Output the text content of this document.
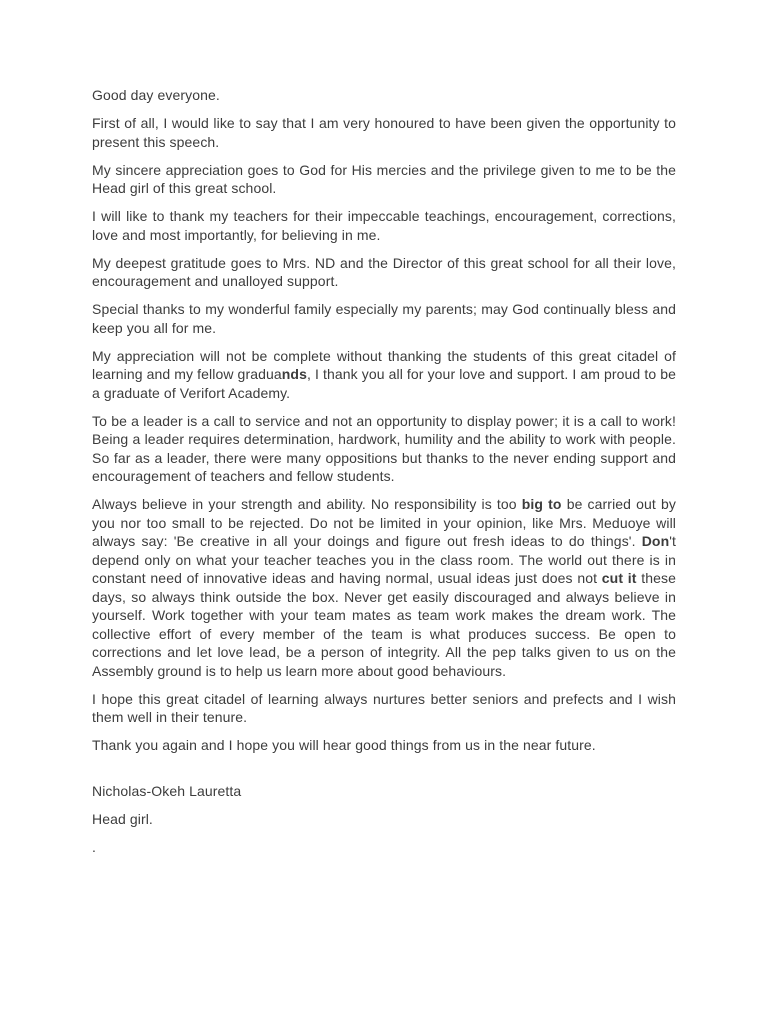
Good day everyone.

First of all, I would like to say that I am very honoured to have been given the opportunity to present this speech.

My sincere appreciation goes to God for His mercies and the privilege given to me to be the Head girl of this great school.

I will like to thank my teachers for their impeccable teachings, encouragement, corrections, love and most importantly, for believing in me.

My deepest gratitude goes to Mrs. ND and the Director of this great school for all their love, encouragement and unalloyed support.

Special thanks to my wonderful family especially my parents; may God continually bless and keep you all for me.

My appreciation will not be complete without thanking the students of this great citadel of learning and my fellow graduands, I thank you all for your love and support. I am proud to be a graduate of Verifort Academy.

To be a leader is a call to service and not an opportunity to display power; it is a call to work! Being a leader requires determination, hardwork, humility and the ability to work with people. So far as a leader, there were many oppositions but thanks to the never ending support and encouragement of teachers and fellow students.

Always believe in your strength and ability. No responsibility is too big to be carried out by you nor too small to be rejected. Do not be limited in your opinion, like Mrs. Meduoye will always say: 'Be creative in all your doings and figure out fresh ideas to do things'. Don't depend only on what your teacher teaches you in the class room. The world out there is in constant need of innovative ideas and having normal, usual ideas just does not cut it these days, so always think outside the box. Never get easily discouraged and always believe in yourself. Work together with your team mates as team work makes the dream work. The collective effort of every member of the team is what produces success. Be open to corrections and let love lead, be a person of integrity. All the pep talks given to us on the Assembly ground is to help us learn more about good behaviours.

I hope this great citadel of learning always nurtures better seniors and prefects and I wish them well in their tenure.

Thank you again and I hope you will hear good things from us in the near future.

Nicholas-Okeh Lauretta

Head girl.

.
